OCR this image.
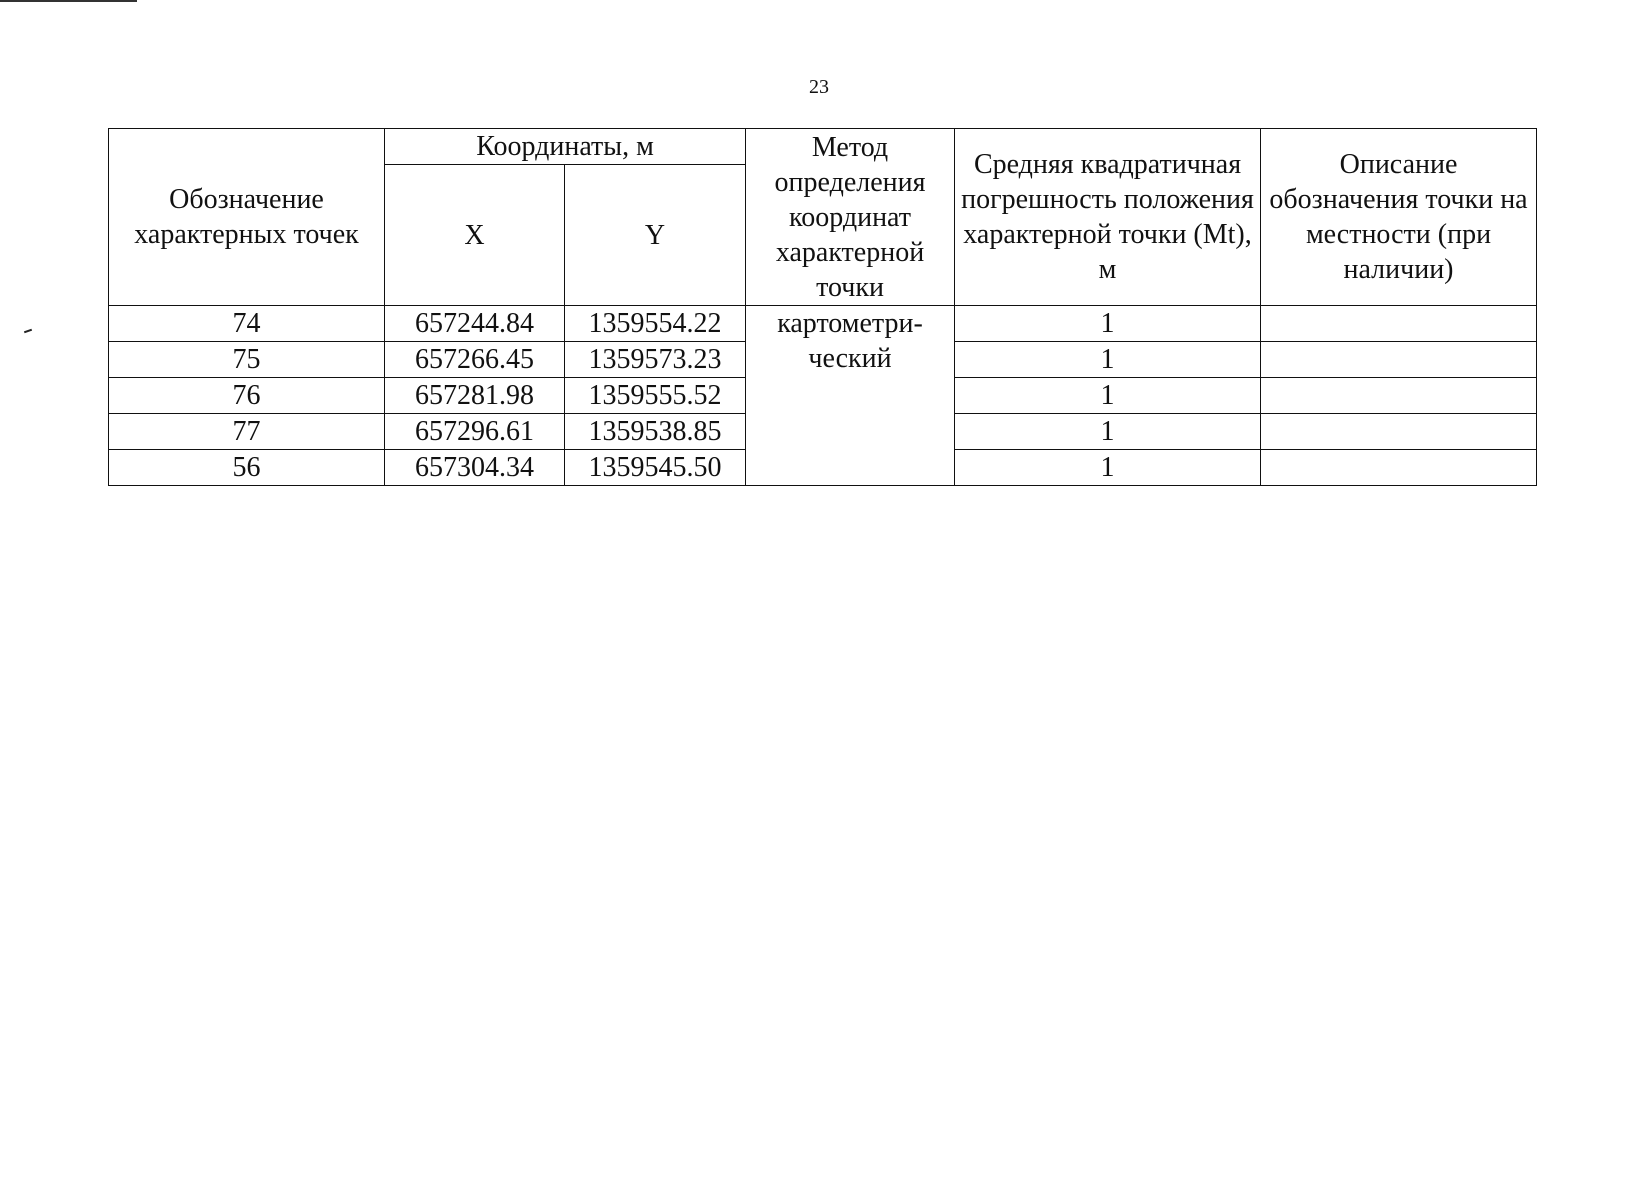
23
Обозначение характерных точек	Координаты, м		Метод определения координат характерной точки	Средняя квадратичная погрешность положения характерной точки (Mt), м	Описание обозначения точки на местности (при наличии)
	X	Y			
74	657244.84	1359554.22	картометри-ческий	1	
75	657266.45	1359573.23		1	
76	657281.98	1359555.52		1	
77	657296.61	1359538.85		1	
56	657304.34	1359545.50		1	
